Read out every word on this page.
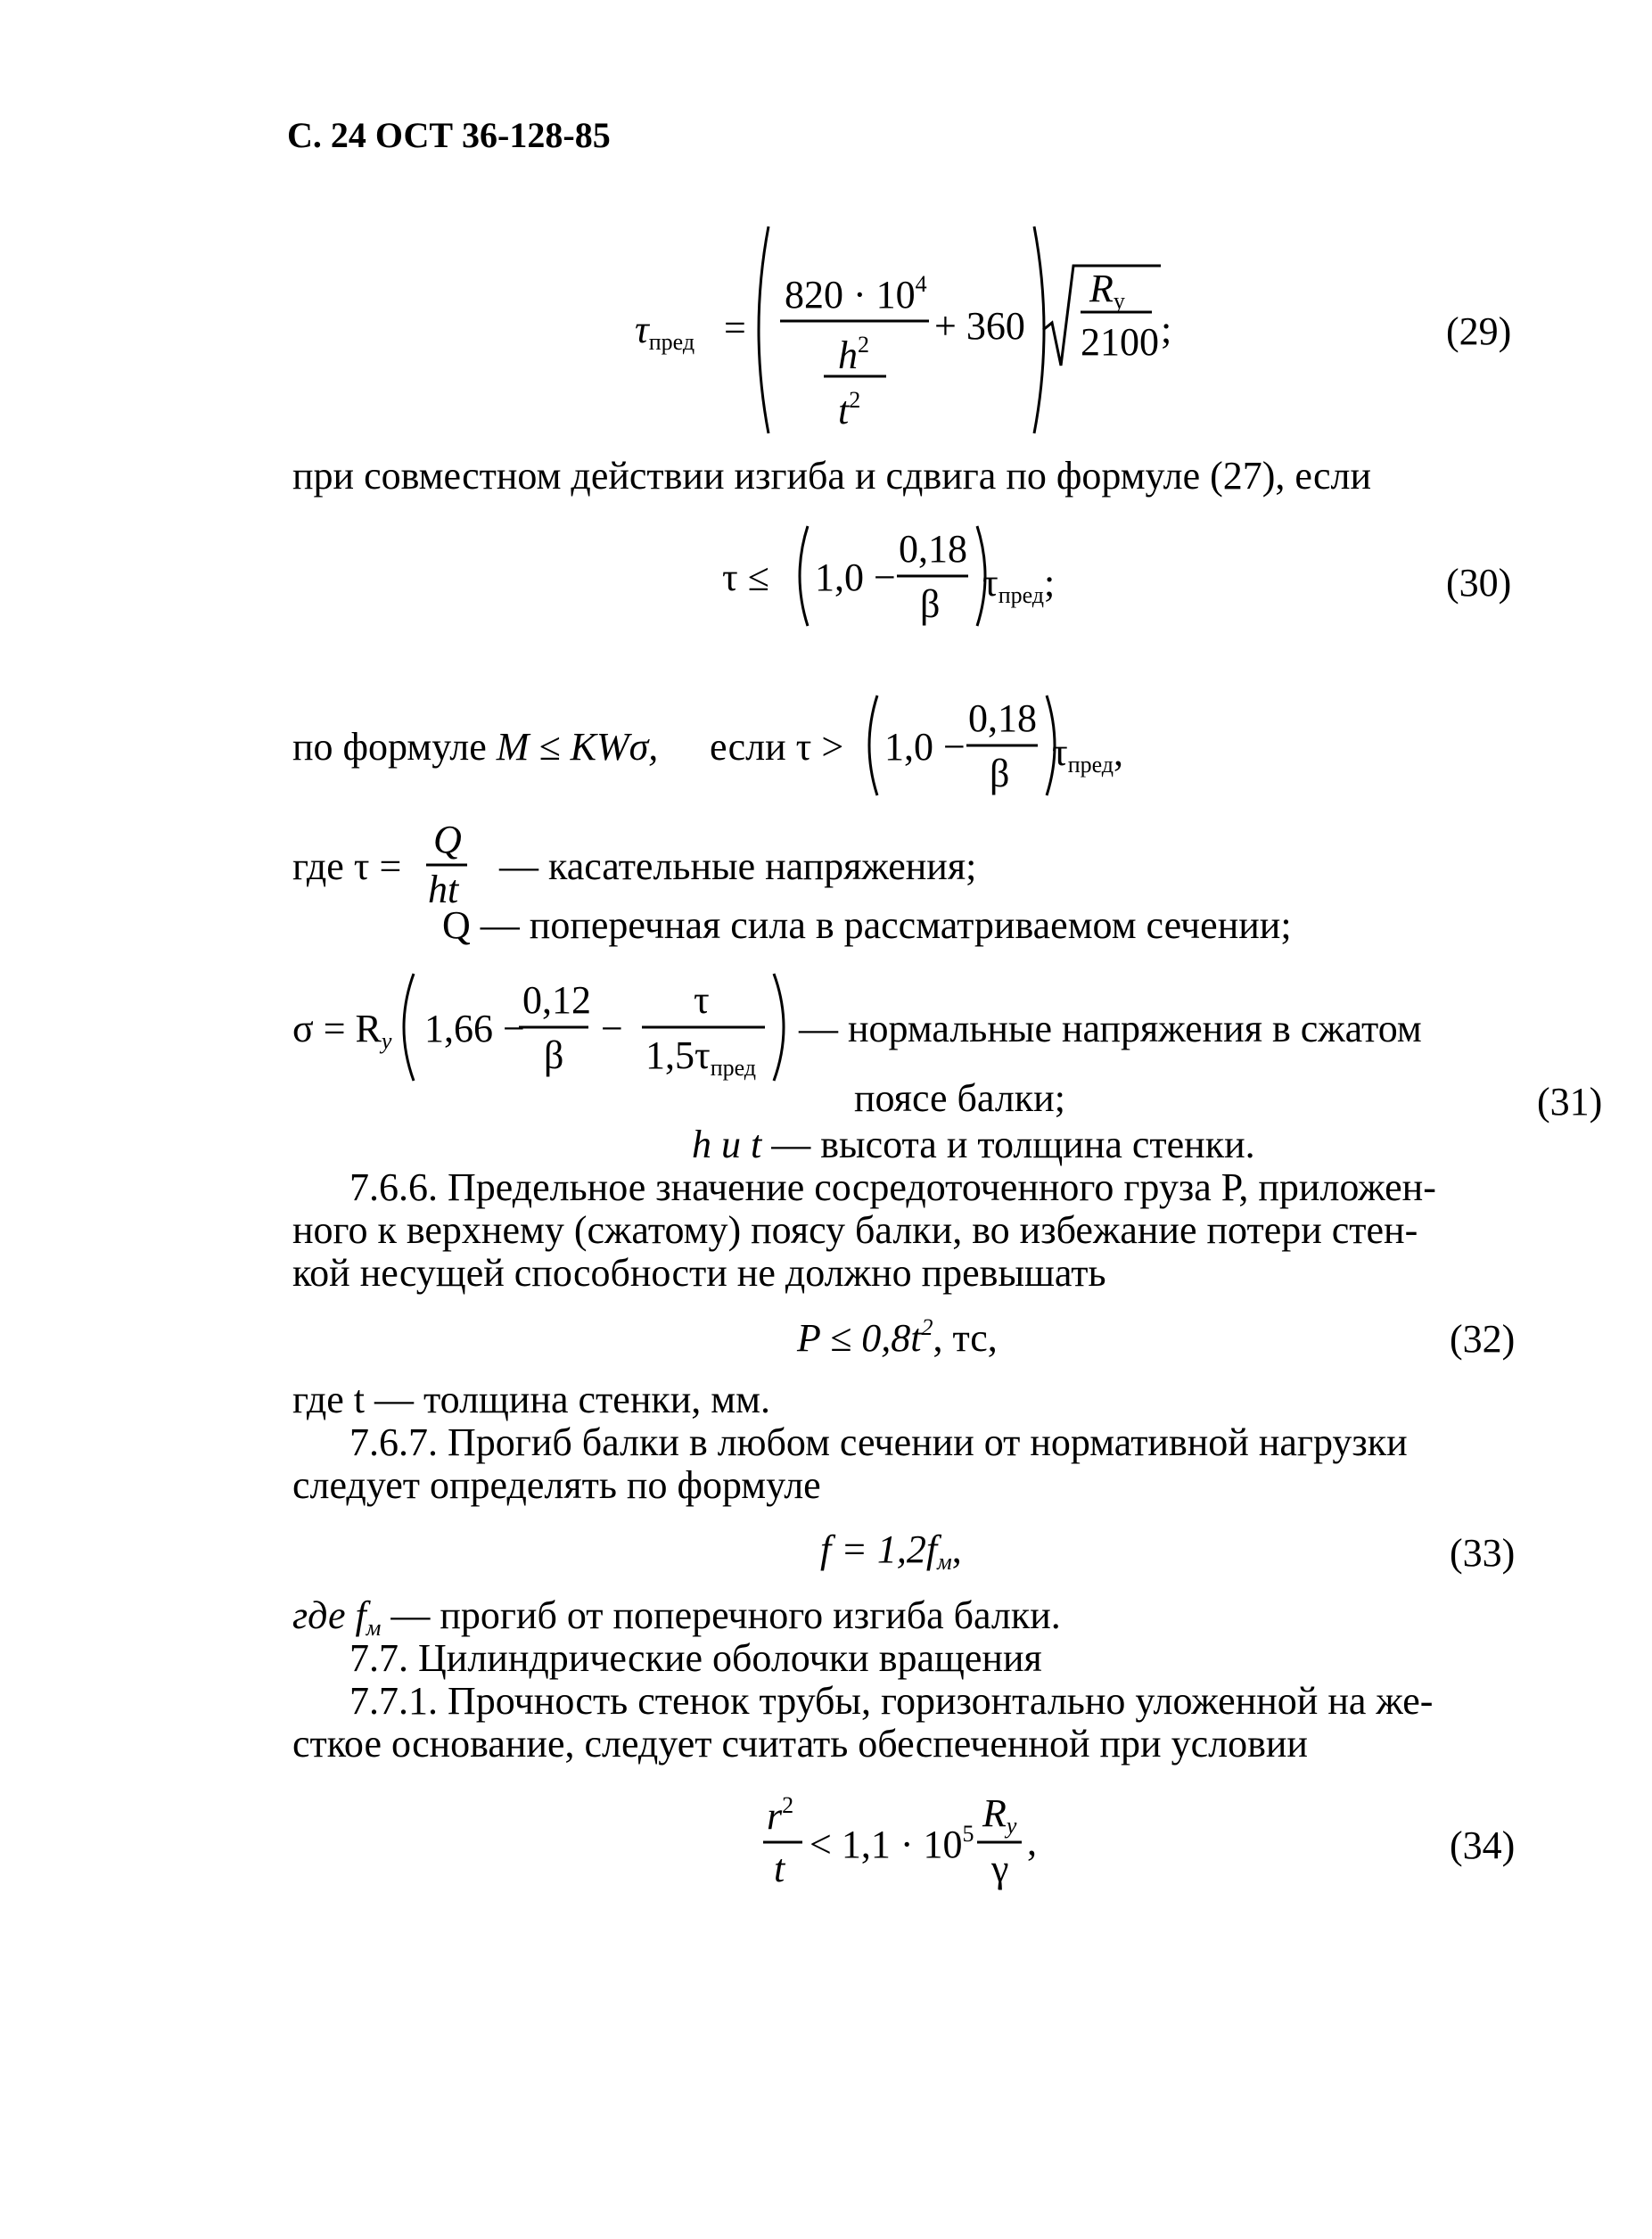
С. 24 ОСТ 36-128-85
$\tau_{пред}$ =
$820 \cdot 10^4$
$h^2$
$t^2$
+ 360
$R_y$
2100 ;	(29)
при совместном действии изгиба и сдвига по формуле (27), если
τ ≤ 1,0 −
0,18
β $\tau_{пред}$;	(30)
по формуле M ≤ KWσ, если τ > 1,0 −
0,18
β $\tau_{пред}$,
где τ =
Q
ht
— касательные напряжения;
Q — поперечная сила в рассматриваемом сечении;
$\sigma = R_y$ 1,66 −
0,12
β
−
τ
$1,5\tau_{пред}$
— нормальные напряжения в сжатом
поясе балки;	(31)
h и t — высота и толщина стенки.
7.6.6. Предельное значение сосредоточенного груза P, приложен-
ного к верхнему (сжатому) поясу балки, во избежание потери стен-
кой несущей способности не должно превышать
$P \le 0,8t^2$, тс,	(32)
где t — толщина стенки, мм.
7.6.7. Прогиб балки в любом сечении от нормативной нагрузки
следует определять по формуле
$f = 1,2f_м$,	(33)
где $f_м$ — прогиб от поперечного изгиба балки.
7.7. Цилиндрические оболочки вращения
7.7.1. Прочность стенок трубы, горизонтально уложенной на же-
сткое основание, следует считать обеспеченной при условии
$r^2$
t
< $1,1 \cdot 10^5$ $R_y$
γ
,	(34)
